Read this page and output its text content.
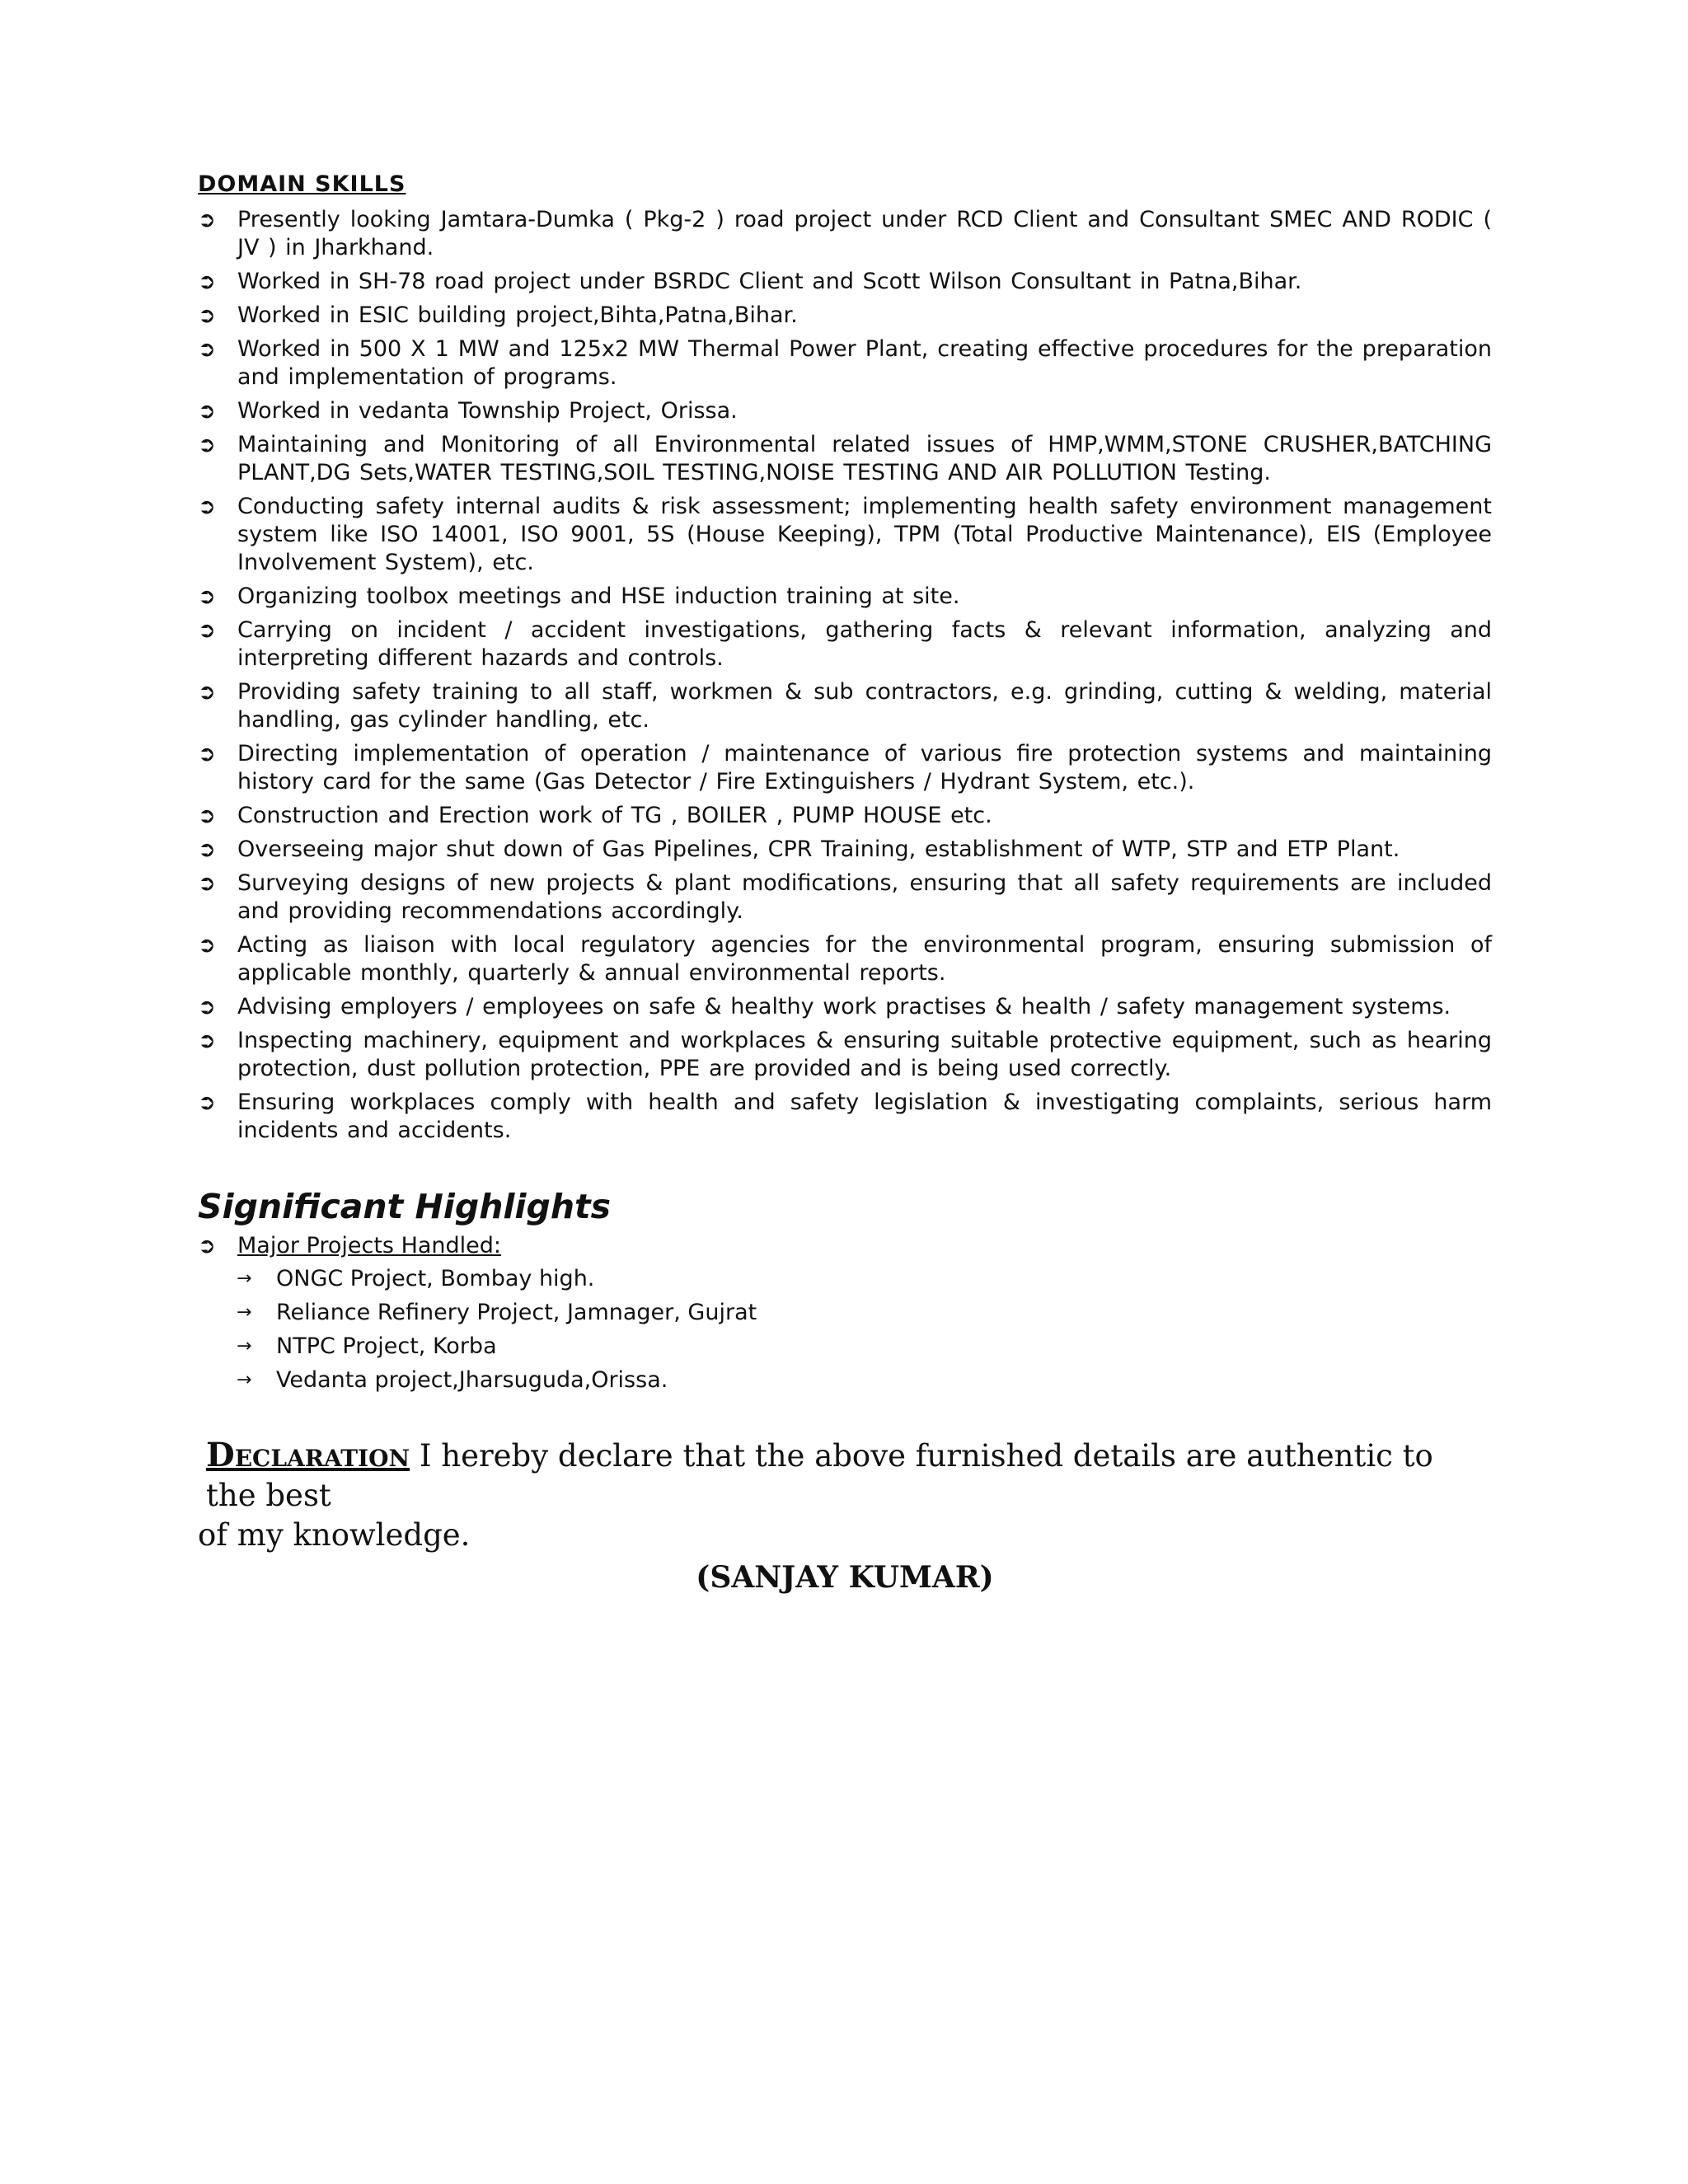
DOMAIN SKILLS
➲ Presently looking Jamtara-Dumka ( Pkg-2 ) road project under RCD Client and Consultant SMEC AND RODIC ( JV ) in Jharkhand.
➲ Worked in SH-78 road project under BSRDC Client and Scott Wilson Consultant in Patna,Bihar.
➲ Worked in ESIC building project,Bihta,Patna,Bihar.
➲ Worked in 500 X 1 MW and 125x2 MW Thermal Power Plant, creating effective procedures for the preparation and implementation of programs.
➲ Worked in vedanta Township Project, Orissa.
➲ Maintaining and Monitoring of all Environmental related issues of HMP,WMM,STONE CRUSHER,BATCHING PLANT,DG Sets,WATER TESTING,SOIL TESTING,NOISE TESTING AND AIR POLLUTION Testing.
➲ Conducting safety internal audits & risk assessment; implementing health safety environment management system like ISO 14001, ISO 9001, 5S (House Keeping), TPM (Total Productive Maintenance), EIS (Employee Involvement System), etc.
➲ Organizing toolbox meetings and HSE induction training at site.
➲ Carrying on incident / accident investigations, gathering facts & relevant information, analyzing and interpreting different hazards and controls.
➲ Providing safety training to all staff, workmen & sub contractors, e.g. grinding, cutting & welding, material handling, gas cylinder handling, etc.
➲ Directing implementation of operation / maintenance of various fire protection systems and maintaining history card for the same (Gas Detector / Fire Extinguishers / Hydrant System, etc.).
➲ Construction and Erection work of TG , BOILER , PUMP HOUSE etc.
➲ Overseeing major shut down of Gas Pipelines, CPR Training, establishment of WTP, STP and ETP Plant.
➲ Surveying designs of new projects & plant modifications, ensuring that all safety requirements are included and providing recommendations accordingly.
➲ Acting as liaison with local regulatory agencies for the environmental program, ensuring submission of applicable monthly, quarterly & annual environmental reports.
➲ Advising employers / employees on safe & healthy work practises & health / safety management systems.
➲ Inspecting machinery, equipment and workplaces & ensuring suitable protective equipment, such as hearing protection, dust pollution protection, PPE are provided and is being used correctly.
➲ Ensuring workplaces comply with health and safety legislation & investigating complaints, serious harm incidents and accidents.
Significant Highlights
➲ Major Projects Handled:
→ ONGC Project, Bombay high.
→ Reliance Refinery Project, Jamnager, Gujrat
→ NTPC Project, Korba
→ Vedanta project,Jharsuguda,Orissa.
Declaration I hereby declare that the above furnished details are authentic to the best
of my knowledge.
(SANJAY KUMAR)
